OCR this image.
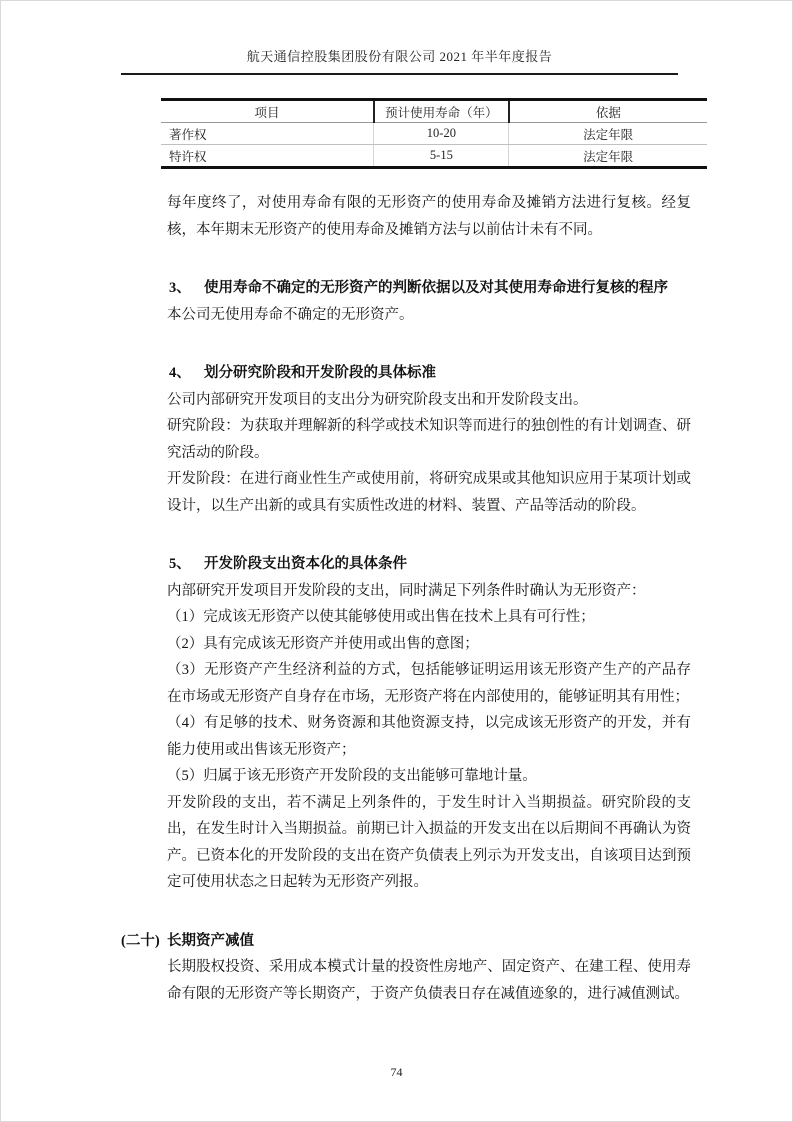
航天通信控股集团股份有限公司 2021 年半年度报告
项目	预计使用寿命（年）	依据
著作权	10-20	法定年限
特许权	5-15	法定年限

每年度终了，对使用寿命有限的无形资产的使用寿命及摊销方法进行复核。经复核，本年期末无形资产的使用寿命及摊销方法与以前估计未有不同。

3、 使用寿命不确定的无形资产的判断依据以及对其使用寿命进行复核的程序

本公司无使用寿命不确定的无形资产。

4、 划分研究阶段和开发阶段的具体标准

公司内部研究开发项目的支出分为研究阶段支出和开发阶段支出。

研究阶段：为获取并理解新的科学或技术知识等而进行的独创性的有计划调查、研究活动的阶段。

开发阶段：在进行商业性生产或使用前，将研究成果或其他知识应用于某项计划或设计，以生产出新的或具有实质性改进的材料、装置、产品等活动的阶段。

5、 开发阶段支出资本化的具体条件

内部研究开发项目开发阶段的支出，同时满足下列条件时确认为无形资产：

（1）完成该无形资产以使其能够使用或出售在技术上具有可行性；

（2）具有完成该无形资产并使用或出售的意图；

（3）无形资产产生经济利益的方式，包括能够证明运用该无形资产生产的产品存在市场或无形资产自身存在市场，无形资产将在内部使用的，能够证明其有用性；

（4）有足够的技术、财务资源和其他资源支持，以完成该无形资产的开发，并有能力使用或出售该无形资产；

（5）归属于该无形资产开发阶段的支出能够可靠地计量。

开发阶段的支出，若不满足上列条件的，于发生时计入当期损益。研究阶段的支出，在发生时计入当期损益。前期已计入损益的开发支出在以后期间不再确认为资产。已资本化的开发阶段的支出在资产负债表上列示为开发支出，自该项目达到预定可使用状态之日起转为无形资产列报。

(二十) 长期资产减值

长期股权投资、采用成本模式计量的投资性房地产、固定资产、在建工程、使用寿命有限的无形资产等长期资产，于资产负债表日存在减值迹象的，进行减值测试。

74
